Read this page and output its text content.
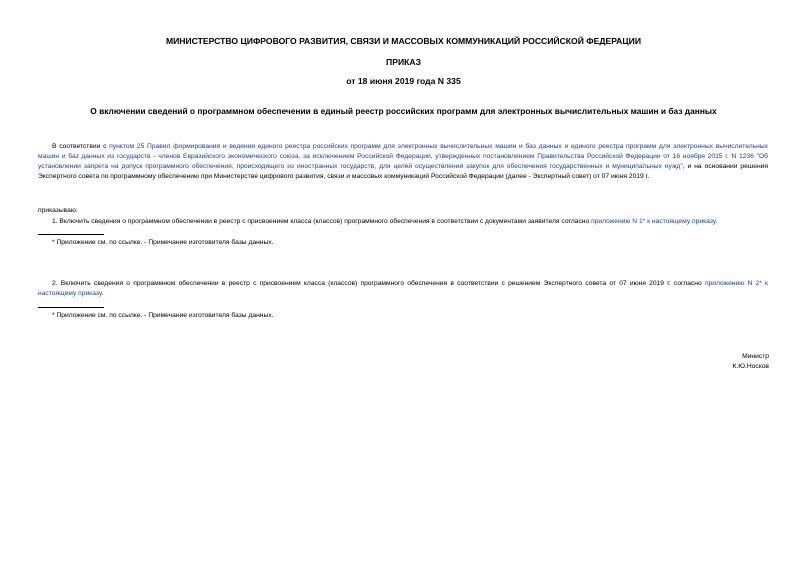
МИНИСТЕРСТВО ЦИФРОВОГО РАЗВИТИЯ, СВЯЗИ И МАССОВЫХ КОММУНИКАЦИЙ РОССИЙСКОЙ ФЕДЕРАЦИИ
ПРИКАЗ
от 18 июня 2019 года N 335
О включении сведений о программном обеспечении в единый реестр российских программ для электронных вычислительных машин и баз данных
В соответствии с пунктом 25 Правил формирования и ведения единого реестра российских программ для электронных вычислительных машин и баз данных и единого реестра программ для электронных вычислительных машин и баз данных из государств - членов Евразийского экономического союза, за исключением Российской Федерации, утвержденных постановлением Правительства Российской Федерации от 16 ноября 2015 г. N 1236 "Об установлении запрета на допуск программного обеспечения, происходящего из иностранных государств, для целей осуществления закупок для обеспечения государственных и муниципальных нужд", и на основании решения Экспертного совета по программному обеспечению при Министерстве цифрового развития, связи и массовых коммуникаций Российской Федерации (далее - Экспертный совет) от 07 июня 2019 г.
приказываю:
1. Включить сведения о программном обеспечении в реестр с присвоением класса (классов) программного обеспечения в соответствии с документами заявителя согласно приложению N 1* к настоящему приказу.
* Приложение см. по ссылке. - Примечание изготовителя базы данных.
2. Включить сведения о программном обеспечении в реестр с присвоением класса (классов) программного обеспечения в соответствии с решением Экспертного совета от 07 июня 2019 г. согласно приложению N 2* к настоящему приказу.
* Приложение см. по ссылке. - Примечание изготовителя базы данных.
Министр
К.Ю.Носков
